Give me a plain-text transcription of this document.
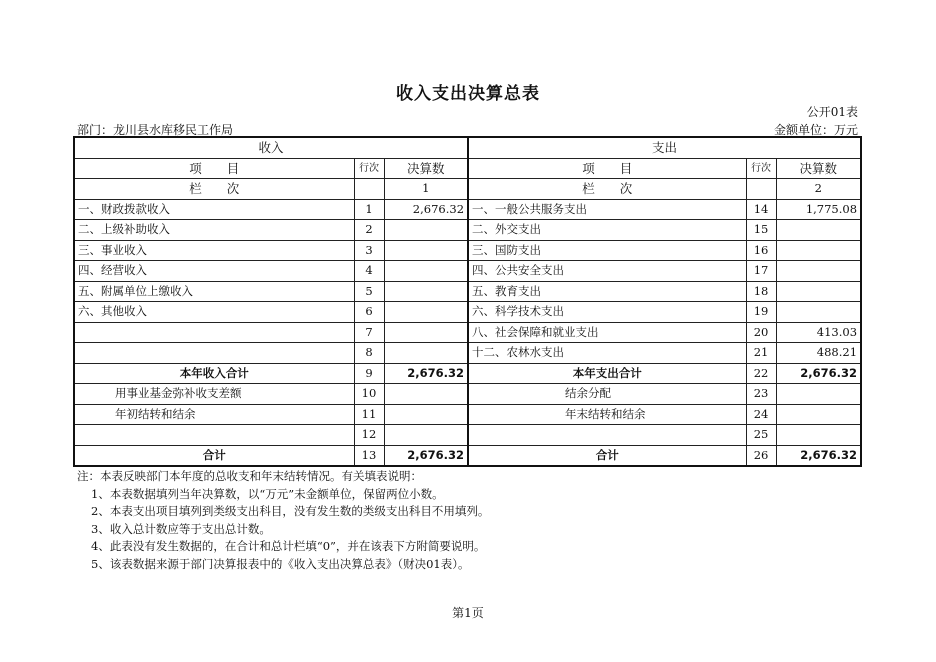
收入支出决算总表
公开01表
部门：龙川县水库移民工作局	金额单位：万元
收入			支出		
项　　目	行次	决算数	项　　目	行次	决算数
栏　　次		1	栏　　次		2
一、财政拨款收入	1	2,676.32	一、一般公共服务支出	14	1,775.08
二、上级补助收入	2		二、外交支出	15	
三、事业收入	3		三、国防支出	16	
四、经营收入	4		四、公共安全支出	17	
五、附属单位上缴收入	5		五、教育支出	18	
六、其他收入	6		六、科学技术支出	19	
	7		八、社会保障和就业支出	20	413.03
	8		十二、农林水支出	21	488.21
本年收入合计	9	2,676.32	本年支出合计	22	2,676.32
用事业基金弥补收支差额	10		结余分配	23	
年初结转和结余	11		年末结转和结余	24	
	12			25	
合计	13	2,676.32	合计	26	2,676.32
注：本表反映部门本年度的总收支和年末结转情况。有关填表说明：
1、本表数据填列当年决算数，以“万元”未金额单位，保留两位小数。
2、本表支出项目填列到类级支出科目，没有发生数的类级支出科目不用填列。
3、收入总计数应等于支出总计数。
4、此表没有发生数据的，在合计和总计栏填“0”，并在该表下方附简要说明。
5、该表数据来源于部门决算报表中的《收入支出决算总表》（财决01表）。
第1页
